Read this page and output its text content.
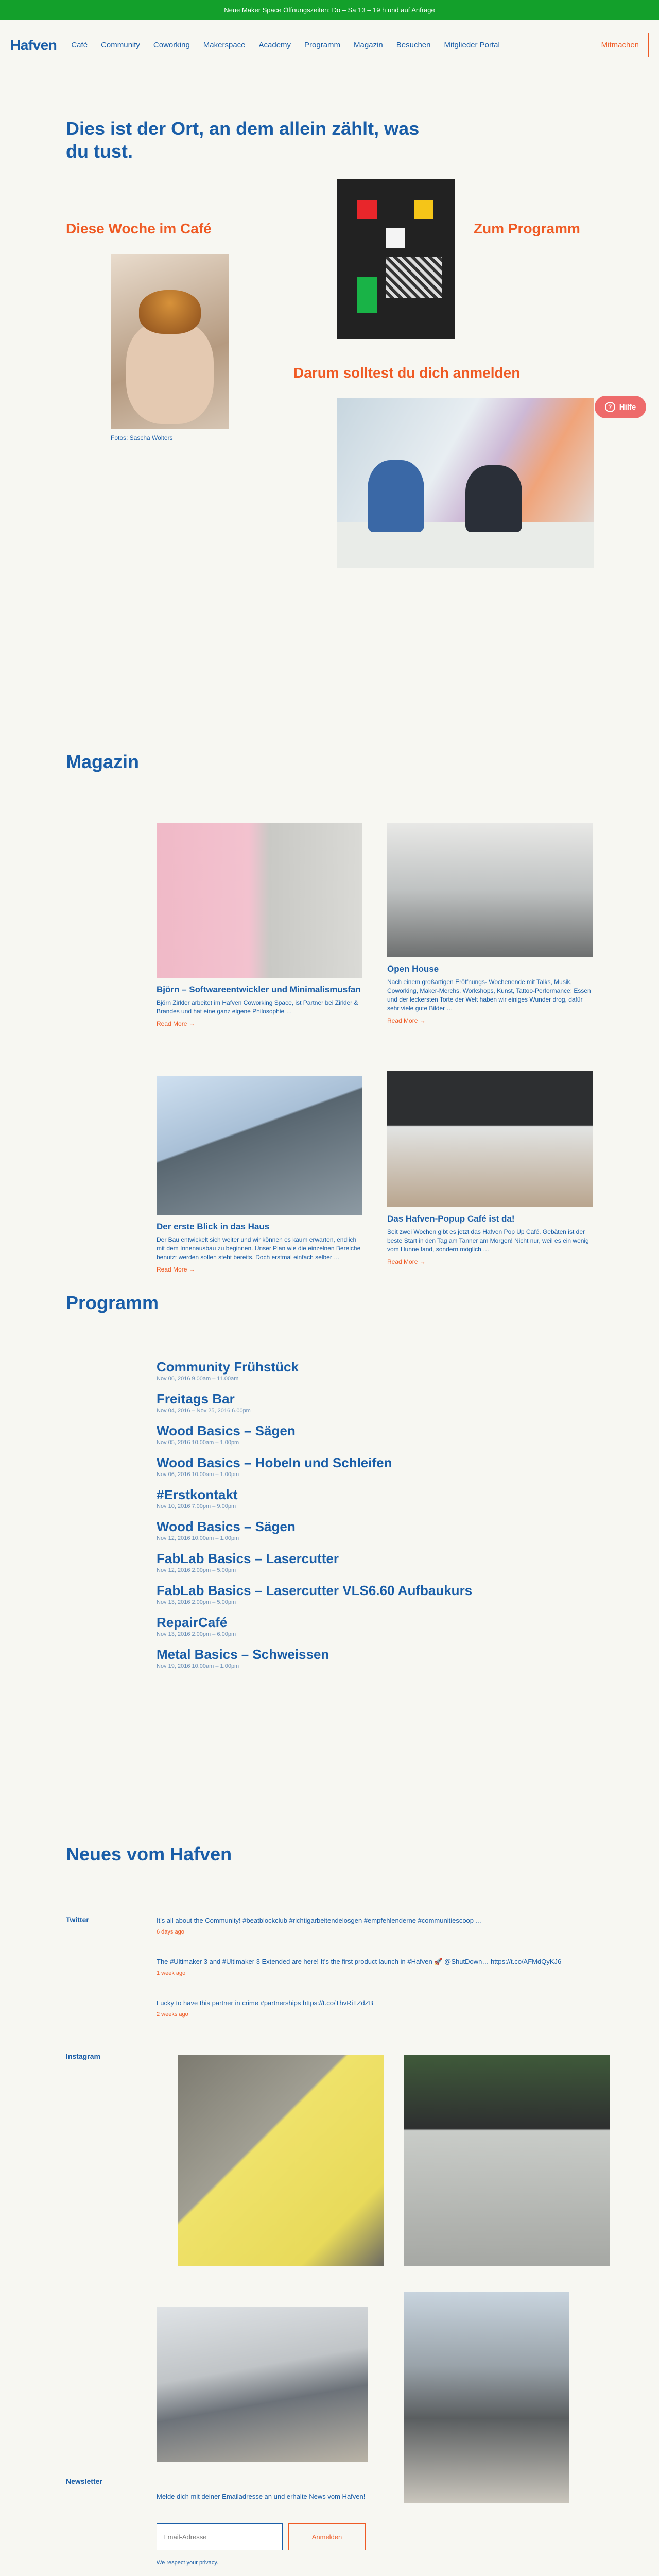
Neue Maker Space Öffnungszeiten: Do – Sa 13 – 19 h und auf Anfrage
Hafven Café Community Coworking Makerspace Academy Programm Magazin Besuchen Mitglieder Portal	Mitmachen
Dies ist der Ort, an dem allein zählt, was du tust.
Diese Woche im Café
Fotos: Sascha Wolters
Zum Programm
Darum solltest du dich anmelden
? Hilfe
Magazin
Björn – Softwareentwickler und Minimalismusfan

Björn Zirkler arbeitet im Hafven Coworking Space, ist Partner bei Zirkler & Brandes und hat eine ganz eigene Philosophie …

Read More →
Open House

Nach einem großartigen Eröffnungs- Wochenende mit Talks, Musik, Coworking, Maker-Merchs, Workshops, Kunst, Tattoo-Performance: Essen und der leckersten Torte der Welt haben wir einiges Wunder drog, dafür sehr viele gute Bilder …

Read More →
Der erste Blick in das Haus

Der Bau entwickelt sich weiter und wir können es kaum erwarten, endlich mit dem Innenausbau zu beginnen. Unser Plan wie die einzelnen Bereiche benutzt werden sollen steht bereits. Doch erstmal einfach selber …

Read More →
Das Hafven-Popup Café ist da!

Seit zwei Wochen gibt es jetzt das Hafven Pop Up Café. Gebäten ist der beste Start in den Tag am Tanner am Morgen! Nicht nur, weil es ein wenig vom Hunne fand, sondern möglich …

Read More →
Programm
Community Frühstück
Nov 06, 2016 9.00am – 11.00am
Freitags Bar
Nov 04, 2016 – Nov 25, 2016 6.00pm
Wood Basics – Sägen
Nov 05, 2016 10.00am – 1.00pm
Wood Basics – Hobeln und Schleifen
Nov 06, 2016 10.00am – 1.00pm
#Erstkontakt
Nov 10, 2016 7.00pm – 9.00pm
Wood Basics – Sägen
Nov 12, 2016 10.00am – 1.00pm
FabLab Basics – Lasercutter
Nov 12, 2016 2.00pm – 5.00pm
FabLab Basics – Lasercutter VLS6.60 Aufbaukurs
Nov 13, 2016 2.00pm – 5.00pm
RepairCafé
Nov 13, 2016 2.00pm – 6.00pm
Metal Basics – Schweissen
Nov 19, 2016 10.00am – 1.00pm
Neues vom Hafven
Twitter	It's all about the Community! #beatblockclub #richtigarbeitendelosgen #empfehlenderne #communitiescoop …
6 days ago
The #Ultimaker 3 and #Ultimaker 3 Extended are here! It's the first product launch in #Hafven 🚀 @ShutDown… https://t.co/AFMdQyKJ6
1 week ago
Lucky to have this partner in crime #partnerships https://t.co/ThvRiTZdZB
2 weeks ago
Instagram
Newsletter
Melde dich mit deiner Emailadresse an und erhalte News vom Hafven!
Email-Adresse
Anmelden
We respect your privacy.
